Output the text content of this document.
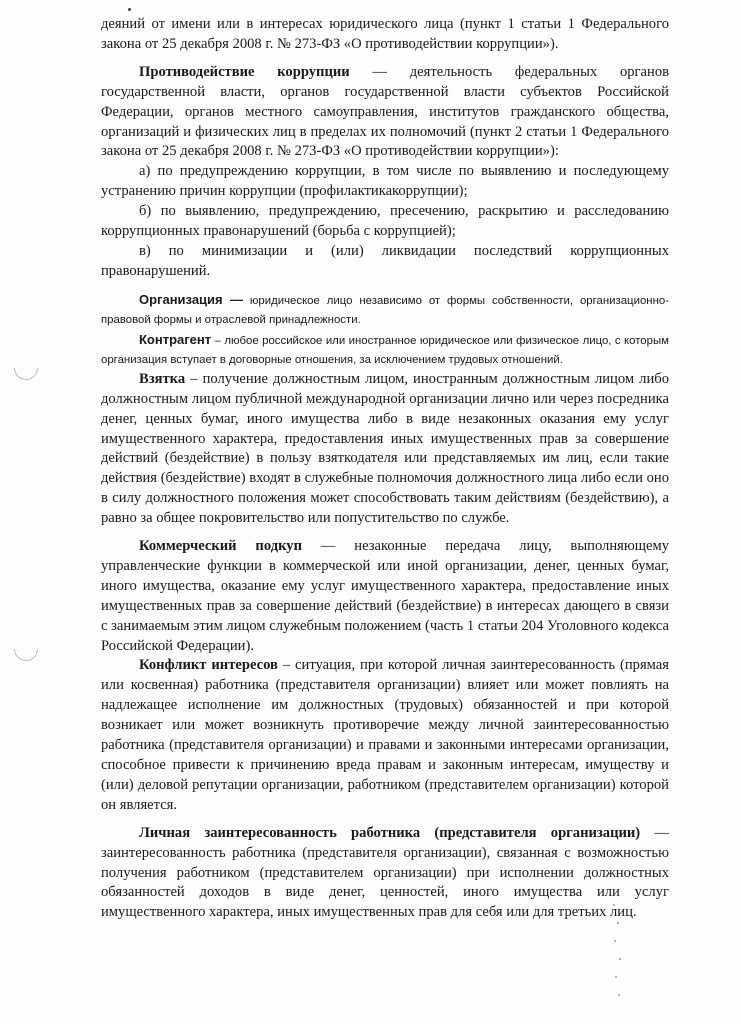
деяний от имени или в интересах юридического лица (пункт 1 статьи 1 Федерального закона от 25 декабря 2008 г. № 273-ФЗ «О противодействии коррупции»).

Противодействие коррупции — деятельность федеральных органов государственной власти, органов государственной власти субъектов Российской Федерации, органов местного самоуправления, институтов гражданского общества, организаций и физических лиц в пределах их полномочий (пункт 2 статьи 1 Федерального закона от 25 декабря 2008 г. № 273-ФЗ «О противодействии коррупции»):

а) по предупреждению коррупции, в том числе по выявлению и последующему устранению причин коррупции (профилактикакоррупции);

б) по выявлению, предупреждению, пресечению, раскрытию и расследованию коррупционных правонарушений (борьба с коррупцией);

в) по минимизации и (или) ликвидации последствий коррупционных правонарушений.

Организация — юридическое лицо независимо от формы собственности, организационно-правовой формы и отраслевой принадлежности.

Контрагент – любое российское или иностранное юридическое или физическое лицо, с которым организация вступает в договорные отношения, за исключением трудовых отношений.

Взятка – получение должностным лицом, иностранным должностным лицом либо должностным лицом публичной международной организации лично или через посредника денег, ценных бумаг, иного имущества либо в виде незаконных оказания ему услуг имущественного характера, предоставления иных имущественных прав за совершение действий (бездействие) в пользу взяткодателя или представляемых им лиц, если такие действия (бездействие) входят в служебные полномочия должностного лица либо если оно в силу должностного положения может способствовать таким действиям (бездействию), а равно за общее покровительство или попустительство по службе.

Коммерческий подкуп — незаконные передача лицу, выполняющему управленческие функции в коммерческой или иной организации, денег, ценных бумаг, иного имущества, оказание ему услуг имущественного характера, предоставление иных имущественных прав за совершение действий (бездействие) в интересах дающего в связи с занимаемым этим лицом служебным положением (часть 1 статьи 204 Уголовного кодекса Российской Федерации).

Конфликт интересов – ситуация, при которой личная заинтересованность (прямая или косвенная) работника (представителя организации) влияет или может повлиять на надлежащее исполнение им должностных (трудовых) обязанностей и при которой возникает или может возникнуть противоречие между личной заинтересованностью работника (представителя организации) и правами и законными интересами организации, способное привести к причинению вреда правам и законным интересам, имуществу и (или) деловой репутации организации, работником (представителем организации) которой он является.

Личная заинтересованность работника (представителя организации) — заинтересованность работника (представителя организации), связанная с возможностью получения работником (представителем организации) при исполнении должностных обязанностей доходов в виде денег, ценностей, иного имущества или услуг имущественного характера, иных имущественных прав для себя или для третьих лиц.
